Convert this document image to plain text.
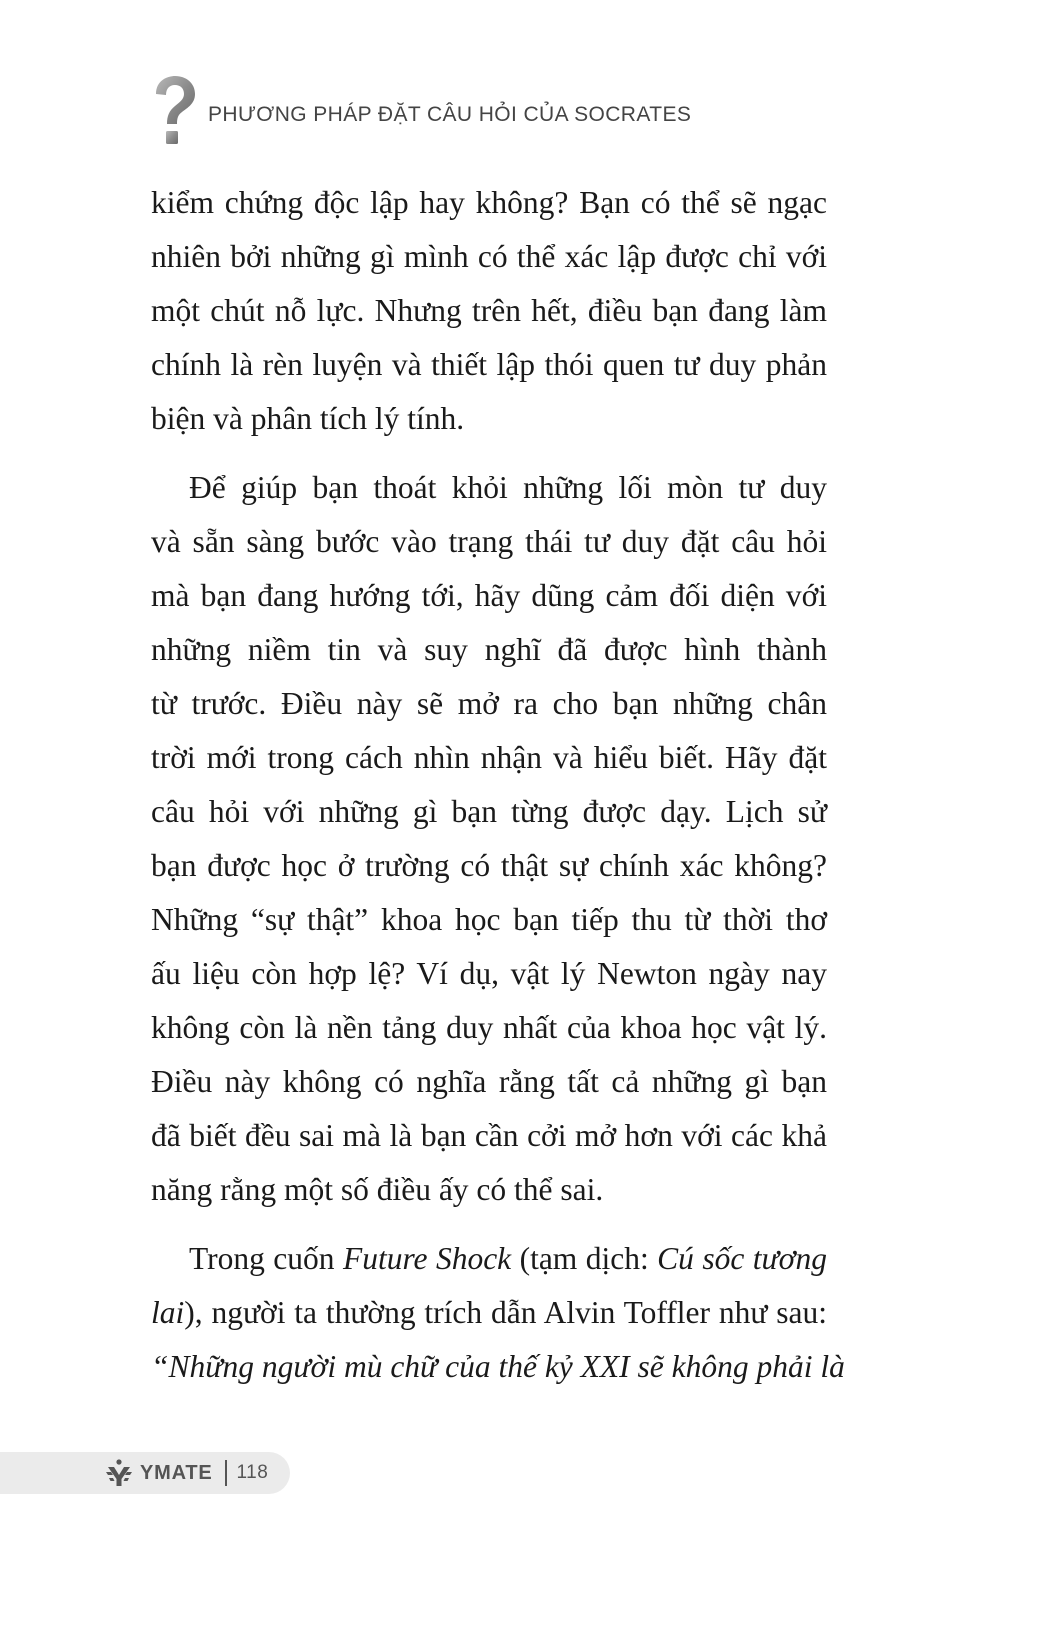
PHƯƠNG PHÁP ĐẶT CÂU HỎI CỦA SOCRATES

kiểm chứng độc lập hay không? Bạn có thể sẽ ngạc
nhiên bởi những gì mình có thể xác lập được chỉ với
một chút nỗ lực. Nhưng trên hết, điều bạn đang làm
chính là rèn luyện và thiết lập thói quen tư duy phản
biện và phân tích lý tính.

Để giúp bạn thoát khỏi những lối mòn tư duy
và sẵn sàng bước vào trạng thái tư duy đặt câu hỏi
mà bạn đang hướng tới, hãy dũng cảm đối diện với
những niềm tin và suy nghĩ đã được hình thành
từ trước. Điều này sẽ mở ra cho bạn những chân
trời mới trong cách nhìn nhận và hiểu biết. Hãy đặt
câu hỏi với những gì bạn từng được dạy. Lịch sử
bạn được học ở trường có thật sự chính xác không?
Những “sự thật” khoa học bạn tiếp thu từ thời thơ
ấu liệu còn hợp lệ? Ví dụ, vật lý Newton ngày nay
không còn là nền tảng duy nhất của khoa học vật lý.
Điều này không có nghĩa rằng tất cả những gì bạn
đã biết đều sai mà là bạn cần cởi mở hơn với các khả
năng rằng một số điều ấy có thể sai.

Trong cuốn Future Shock (tạm dịch: Cú sốc tương
lai), người ta thường trích dẫn Alvin Toffler như sau:
“Những người mù chữ của thế kỷ XXI sẽ không phải là

YMATE 118
